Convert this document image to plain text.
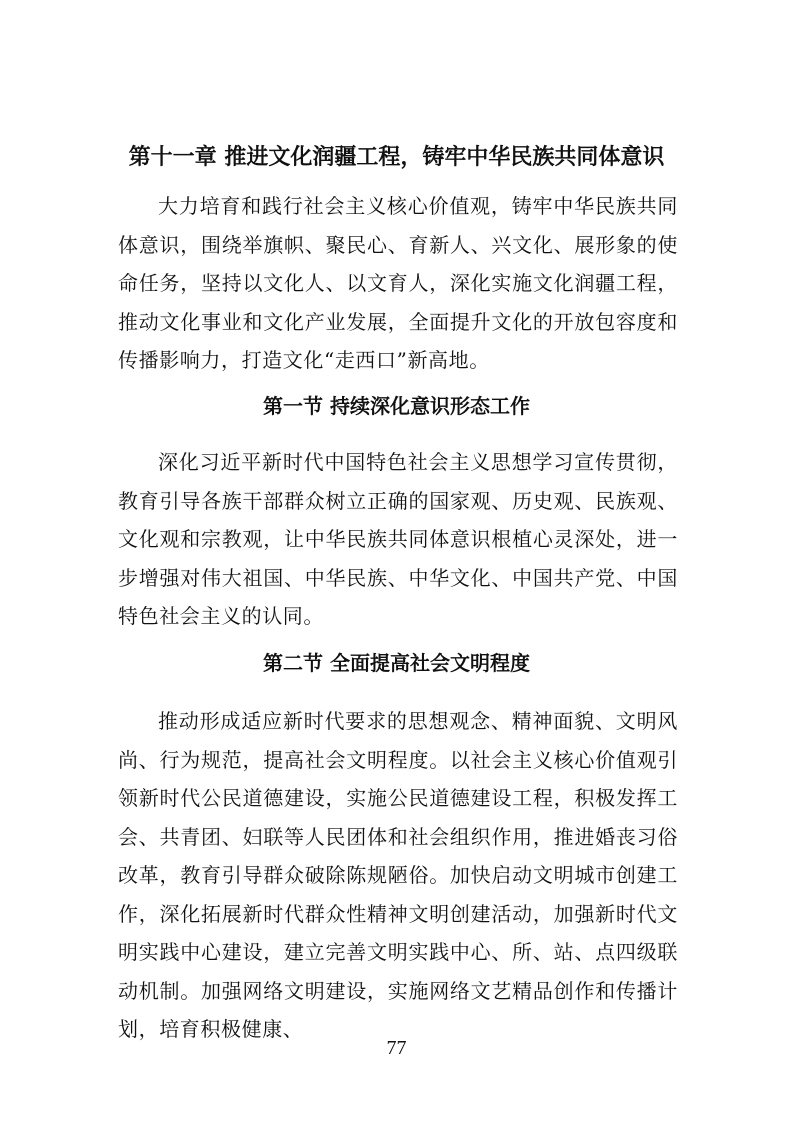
第十一章 推进文化润疆工程，铸牢中华民族共同体意识

大力培育和践行社会主义核心价值观，铸牢中华民族共同体意识，围绕举旗帜、聚民心、育新人、兴文化、展形象的使命任务，坚持以文化人、以文育人，深化实施文化润疆工程，推动文化事业和文化产业发展，全面提升文化的开放包容度和传播影响力，打造文化“走西口”新高地。

第一节 持续深化意识形态工作

深化习近平新时代中国特色社会主义思想学习宣传贯彻，教育引导各族干部群众树立正确的国家观、历史观、民族观、文化观和宗教观，让中华民族共同体意识根植心灵深处，进一步增强对伟大祖国、中华民族、中华文化、中国共产党、中国特色社会主义的认同。

第二节 全面提高社会文明程度

推动形成适应新时代要求的思想观念、精神面貌、文明风尚、行为规范，提高社会文明程度。以社会主义核心价值观引领新时代公民道德建设，实施公民道德建设工程，积极发挥工会、共青团、妇联等人民团体和社会组织作用，推进婚丧习俗改革，教育引导群众破除陈规陋俗。加快启动文明城市创建工作，深化拓展新时代群众性精神文明创建活动，加强新时代文明实践中心建设，建立完善文明实践中心、所、站、点四级联动机制。加强网络文明建设，实施网络文艺精品创作和传播计划，培育积极健康、

77
